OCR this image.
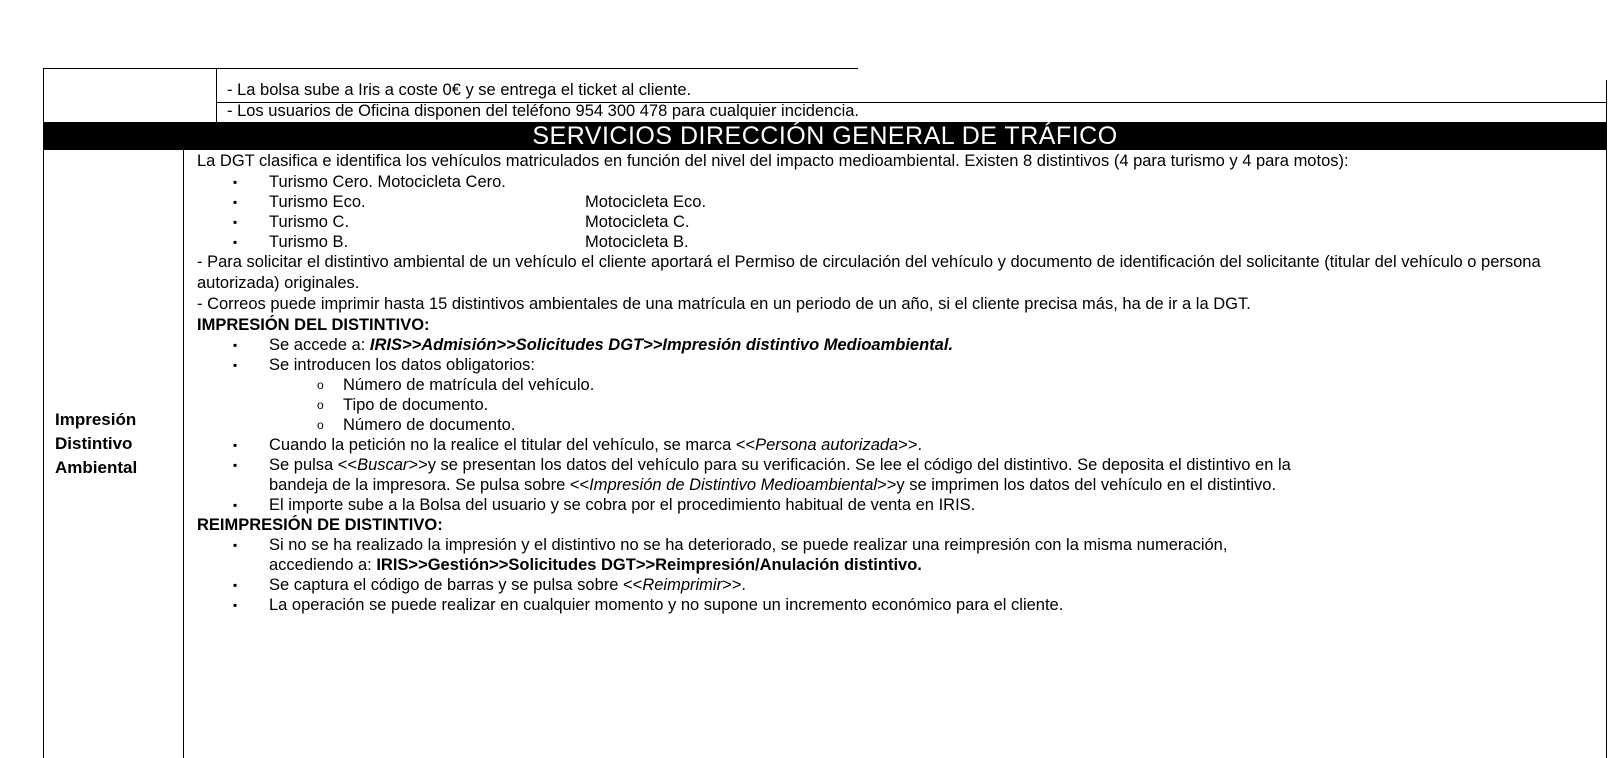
- La bolsa sube a Iris a coste 0€ y se entrega el ticket al cliente.
- Los usuarios de Oficina disponen del teléfono 954 300 478 para cualquier incidencia.
SERVICIOS DIRECCIÓN GENERAL DE TRÁFICO
Impresión
Distintivo
Ambiental
La DGT clasifica e identifica los vehículos matriculados en función del nivel del impacto medioambiental. Existen 8 distintivos (4 para turismo y 4 para motos):
▪ Turismo Cero. Motocicleta Cero.
▪ Turismo Eco.	Motocicleta Eco.
▪ Turismo C.	Motocicleta C.
▪ Turismo B.	Motocicleta B.
- Para solicitar el distintivo ambiental de un vehículo el cliente aportará el Permiso de circulación del vehículo y documento de identificación del solicitante (titular del vehículo o persona autorizada) originales.
- Correos puede imprimir hasta 15 distintivos ambientales de una matrícula en un periodo de un año, si el cliente precisa más, ha de ir a la DGT.
IMPRESIÓN DEL DISTINTIVO:
▪ Se accede a: IRIS>>Admisión>>Solicitudes DGT>>Impresión distintivo Medioambiental.
▪ Se introducen los datos obligatorios:
o Número de matrícula del vehículo.
o Tipo de documento.
o Número de documento.
▪ Cuando la petición no la realice el titular del vehículo, se marca <<Persona autorizada>>.
▪ Se pulsa <<Buscar>>y se presentan los datos del vehículo para su verificación. Se lee el código del distintivo. Se deposita el distintivo en la
bandeja de la impresora. Se pulsa sobre <<Impresión de Distintivo Medioambiental>>y se imprimen los datos del vehículo en el distintivo.
▪ El importe sube a la Bolsa del usuario y se cobra por el procedimiento habitual de venta en IRIS.
REIMPRESIÓN DE DISTINTIVO:
▪ Si no se ha realizado la impresión y el distintivo no se ha deteriorado, se puede realizar una reimpresión con la misma numeración,
accediendo a: IRIS>>Gestión>>Solicitudes DGT>>Reimpresión/Anulación distintivo.
▪ Se captura el código de barras y se pulsa sobre <<Reimprimir>>.
▪ La operación se puede realizar en cualquier momento y no supone un incremento económico para el cliente.
